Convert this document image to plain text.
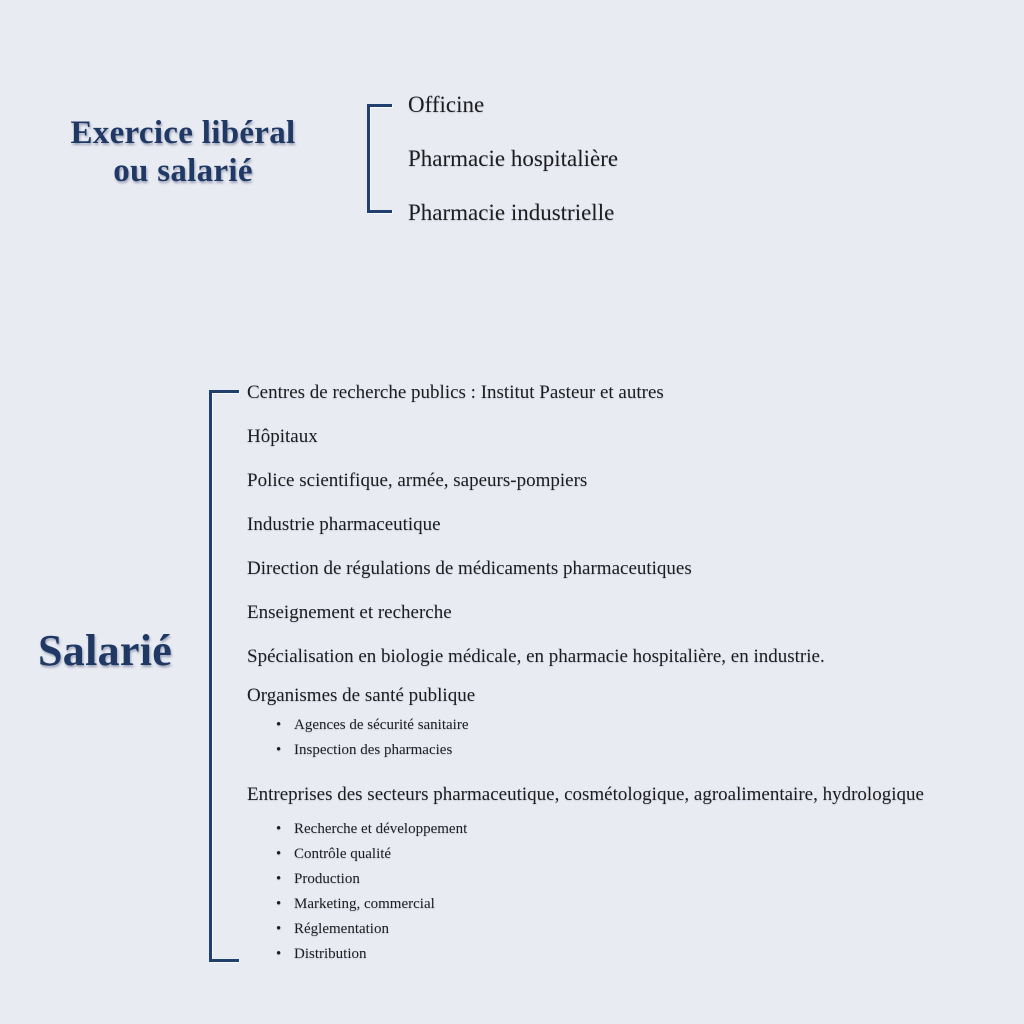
Exercice libéral
ou salarié
Officine
Pharmacie hospitalière
Pharmacie industrielle
Salarié
Centres de recherche publics : Institut Pasteur et autres
Hôpitaux
Police scientifique, armée, sapeurs-pompiers
Industrie pharmaceutique
Direction de régulations de médicaments pharmaceutiques
Enseignement et recherche
Spécialisation en biologie médicale, en pharmacie hospitalière, en industrie.
Organismes de santé publique
• Agences de sécurité sanitaire
• Inspection des pharmacies
Entreprises des secteurs pharmaceutique, cosmétologique, agroalimentaire, hydrologique
• Recherche et développement
• Contrôle qualité
• Production
• Marketing, commercial
• Réglementation
• Distribution
